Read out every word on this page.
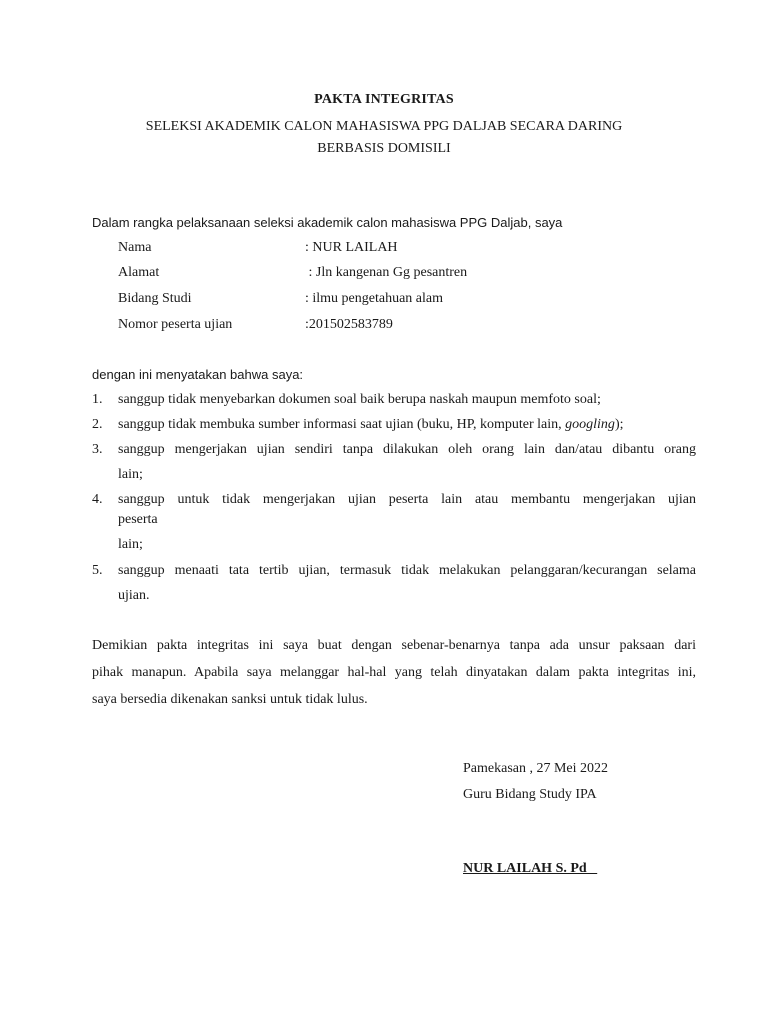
PAKTA INTEGRITAS
SELEKSI AKADEMIK CALON MAHASISWA PPG DALJAB SECARA DARING
BERBASIS DOMISILI
Dalam rangka pelaksanaan seleksi akademik calon mahasiswa PPG Daljab, saya
Nama	: NUR LAILAH
Alamat	: Jln kangenan Gg pesantren
Bidang Studi	: ilmu pengetahuan alam
Nomor peserta ujian	:201502583789
dengan ini menyatakan bahwa saya:
1. sanggup tidak menyebarkan dokumen soal baik berupa naskah maupun memfoto soal;
2. sanggup tidak membuka sumber informasi saat ujian (buku, HP, komputer lain, googling);
3. sanggup mengerjakan ujian sendiri tanpa dilakukan oleh orang lain dan/atau dibantu orang
lain;
4. sanggup untuk tidak mengerjakan ujian peserta lain atau membantu mengerjakan ujian
peserta
lain;
5. sanggup menaati tata tertib ujian, termasuk tidak melakukan pelanggaran/kecurangan selama
ujian.
Demikian pakta integritas ini saya buat dengan sebenar-benarnya tanpa ada unsur paksaan dari
pihak manapun. Apabila saya melanggar hal-hal yang telah dinyatakan dalam pakta integritas ini,
saya bersedia dikenakan sanksi untuk tidak lulus.
Pamekasan , 27 Mei 2022
Guru Bidang Study IPA
NUR LAILAH S. Pd
